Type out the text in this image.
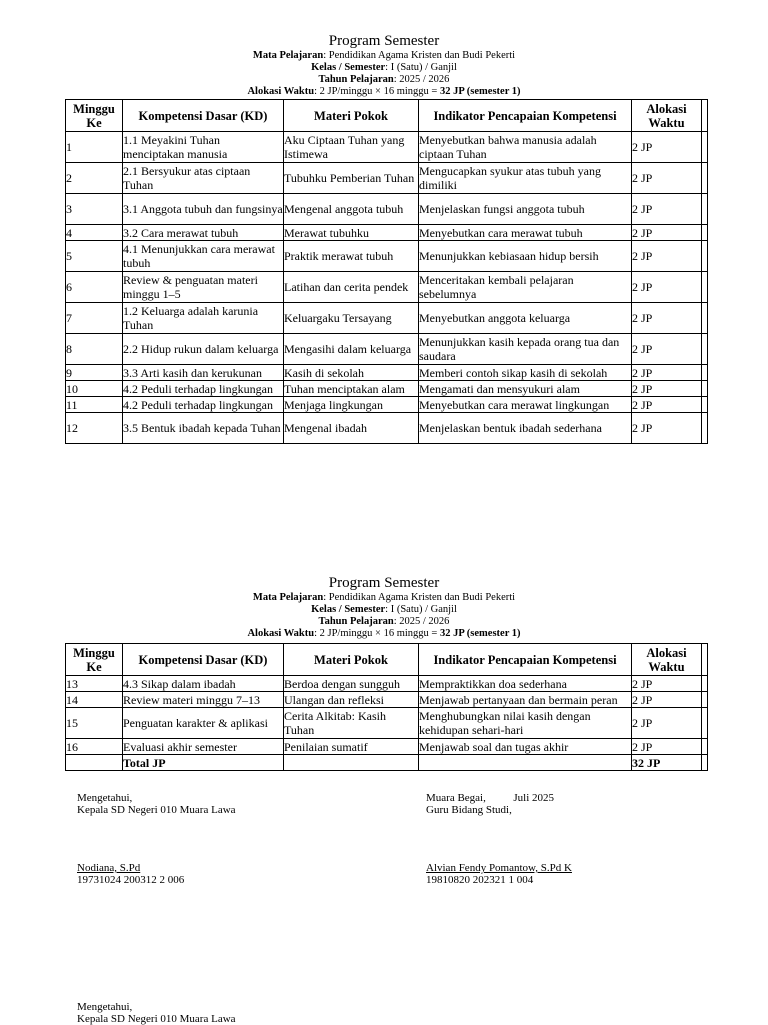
Program Semester
Mata Pelajaran: Pendidikan Agama Kristen dan Budi Pekerti
Kelas / Semester: I (Satu) / Ganjil
Tahun Pelajaran: 2025 / 2026
Alokasi Waktu: 2 JP/minggu × 16 minggu = 32 JP (semester 1)
Minggu Ke	Kompetensi Dasar (KD)	Materi Pokok	Indikator Pencapaian Kompetensi	Alokasi Waktu	
1	1.1 Meyakini Tuhan menciptakan manusia	Aku Ciptaan Tuhan yang Istimewa	Menyebutkan bahwa manusia adalah ciptaan Tuhan	2 JP	
2	2.1 Bersyukur atas ciptaan Tuhan	Tubuhku Pemberian Tuhan	Mengucapkan syukur atas tubuh yang dimiliki	2 JP	
3	3.1 Anggota tubuh dan fungsinya	Mengenal anggota tubuh	Menjelaskan fungsi anggota tubuh	2 JP	
4	3.2 Cara merawat tubuh	Merawat tubuhku	Menyebutkan cara merawat tubuh	2 JP	
5	4.1 Menunjukkan cara merawat tubuh	Praktik merawat tubuh	Menunjukkan kebiasaan hidup bersih	2 JP	
6	Review & penguatan materi minggu 1–5	Latihan dan cerita pendek	Menceritakan kembali pelajaran sebelumnya	2 JP	
7	1.2 Keluarga adalah karunia Tuhan	Keluargaku Tersayang	Menyebutkan anggota keluarga	2 JP	
8	2.2 Hidup rukun dalam keluarga	Mengasihi dalam keluarga	Menunjukkan kasih kepada orang tua dan saudara	2 JP	
9	3.3 Arti kasih dan kerukunan	Kasih di sekolah	Memberi contoh sikap kasih di sekolah	2 JP	
10	4.2 Peduli terhadap lingkungan	Tuhan menciptakan alam	Mengamati dan mensyukuri alam	2 JP	
11	4.2 Peduli terhadap lingkungan	Menjaga lingkungan	Menyebutkan cara merawat lingkungan	2 JP	
12	3.5 Bentuk ibadah kepada Tuhan	Mengenal ibadah	Menjelaskan bentuk ibadah sederhana	2 JP	
Program Semester
Mata Pelajaran: Pendidikan Agama Kristen dan Budi Pekerti
Kelas / Semester: I (Satu) / Ganjil
Tahun Pelajaran: 2025 / 2026
Alokasi Waktu: 2 JP/minggu × 16 minggu = 32 JP (semester 1)
Minggu Ke	Kompetensi Dasar (KD)	Materi Pokok	Indikator Pencapaian Kompetensi	Alokasi Waktu	
13	4.3 Sikap dalam ibadah	Berdoa dengan sungguh	Mempraktikkan doa sederhana	2 JP	
14	Review materi minggu 7–13	Ulangan dan refleksi	Menjawab pertanyaan dan bermain peran	2 JP	
15	Penguatan karakter & aplikasi	Cerita Alkitab: Kasih Tuhan	Menghubungkan nilai kasih dengan kehidupan sehari-hari	2 JP	
16	Evaluasi akhir semester	Penilaian sumatif	Menjawab soal dan tugas akhir	2 JP	
	Total JP			32 JP	
Mengetahui,
Kepala SD Negeri 010 Muara Lawa
Nodiana, S.Pd
19731024 200312 2 006
Muara Begai,          Juli 2025
Guru Bidang Studi,
Alvian Fendy Pomantow, S.Pd K
19810820 202321 1 004
Mengetahui,
Kepala SD Negeri 010 Muara Lawa
